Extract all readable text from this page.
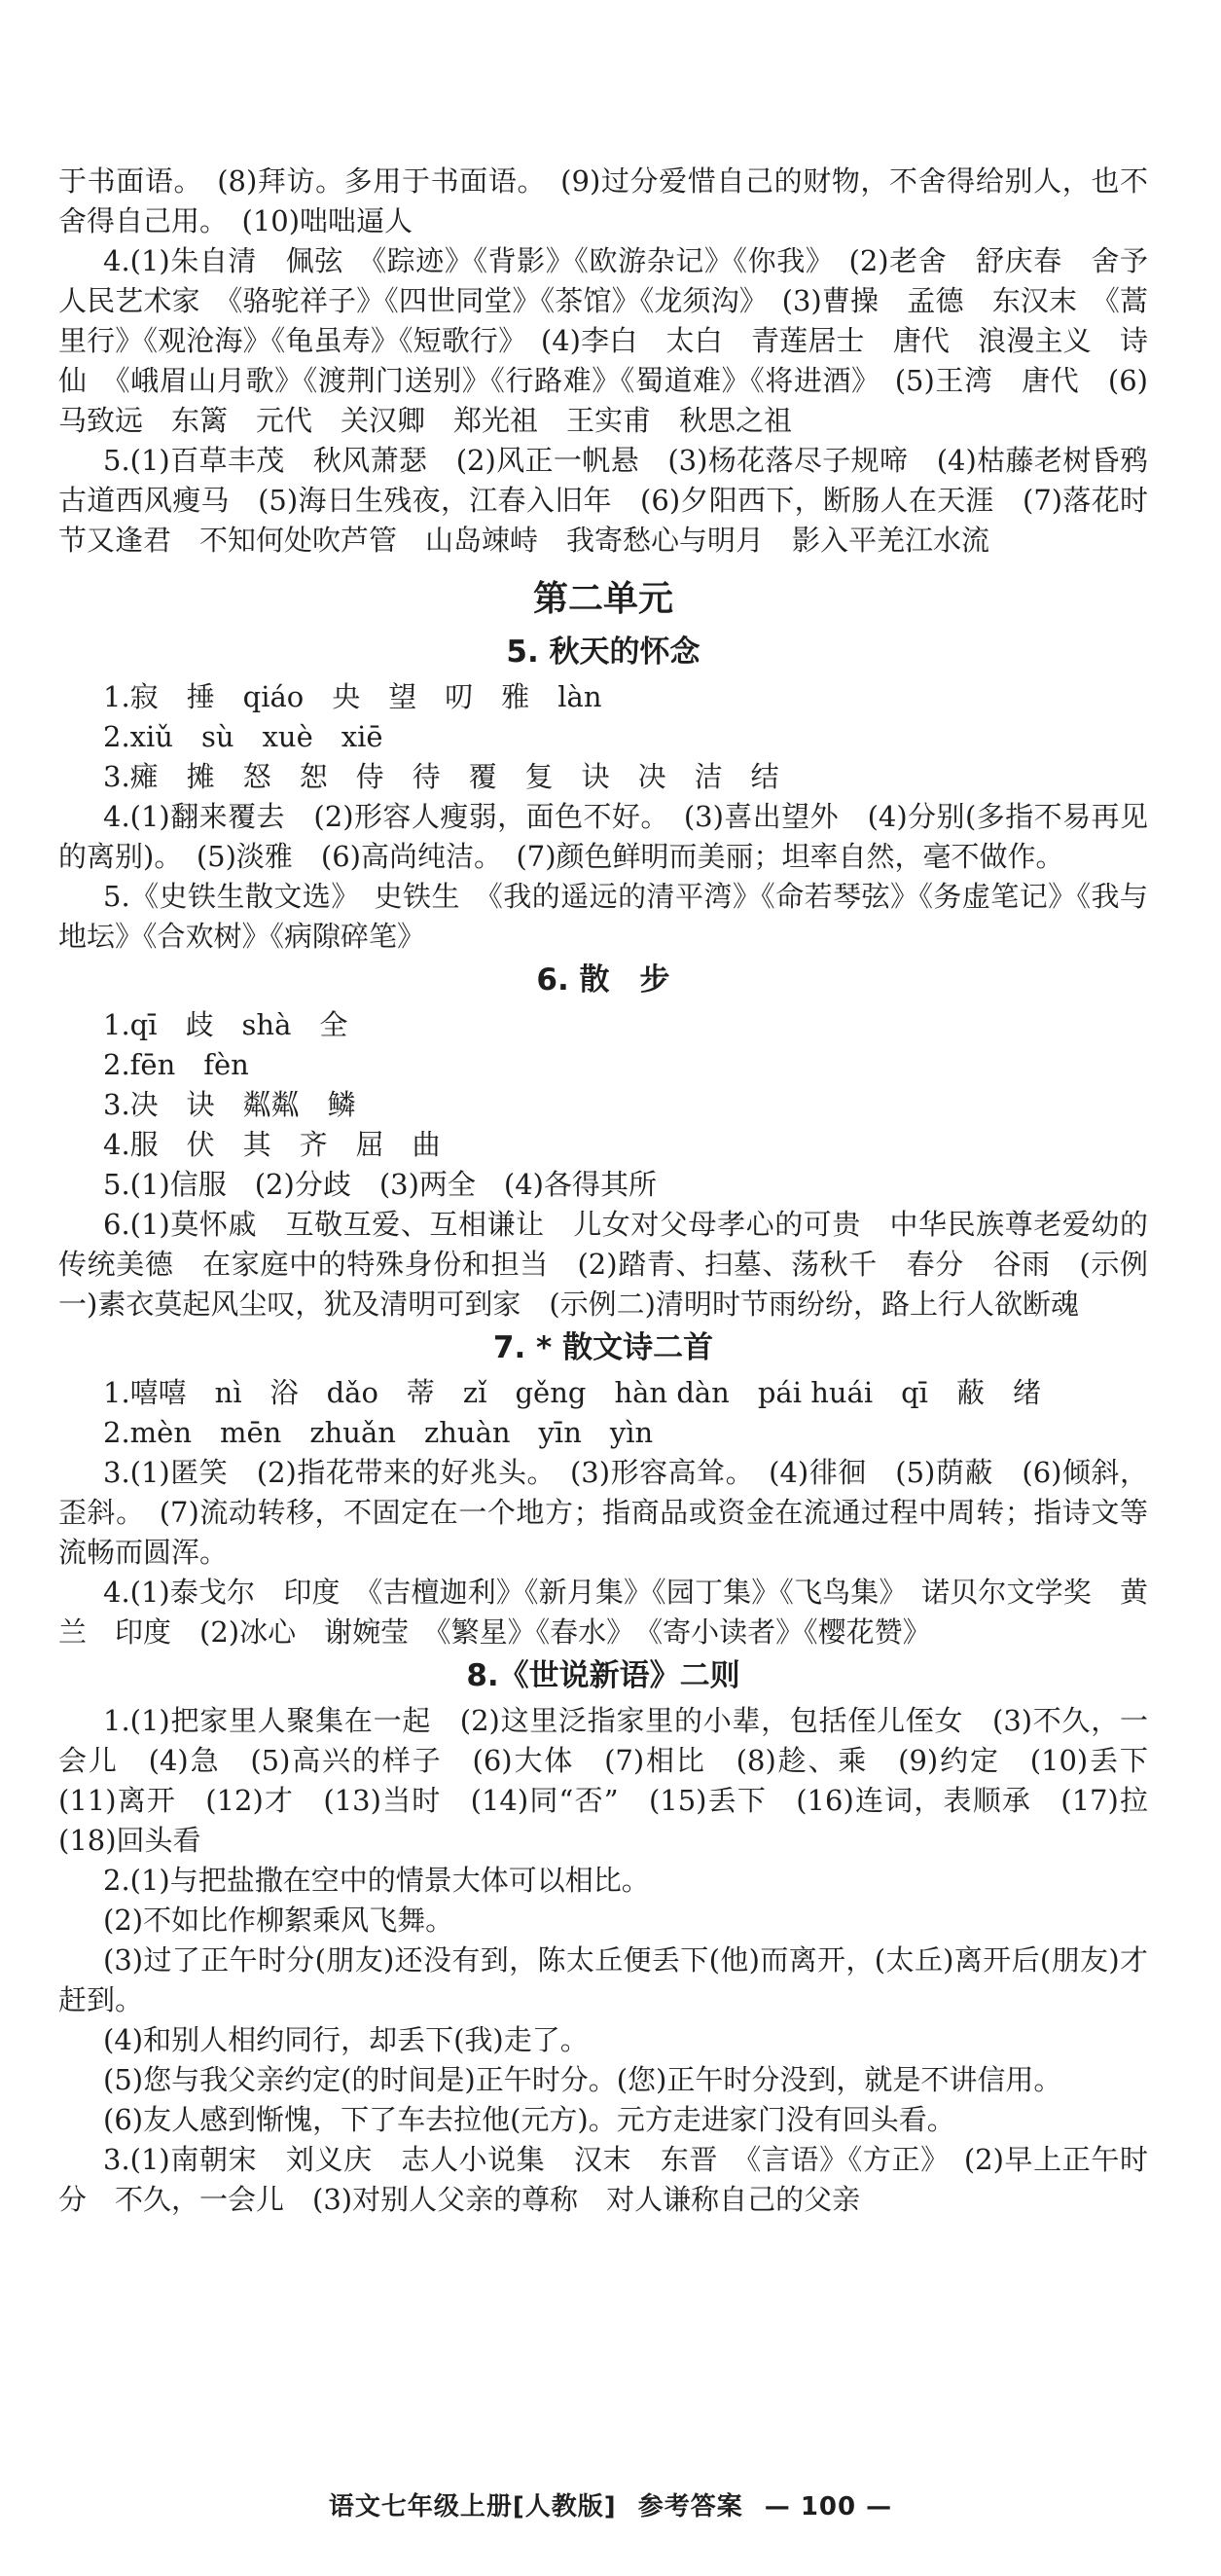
于书面语。　(8)拜访。多用于书面语。　(9)过分爱惜自己的财物，不舍得给别人，也不舍得自己用。　(10)咄咄逼人

4.(1)朱自清　佩弦　《踪迹》《背影》《欧游杂记》《你我》　(2)老舍　舒庆春　舍予　人民艺术家　《骆驼祥子》《四世同堂》《茶馆》《龙须沟》　(3)曹操　孟德　东汉末　《蒿里行》《观沧海》《龟虽寿》《短歌行》　(4)李白　太白　青莲居士　唐代　浪漫主义　诗仙　《峨眉山月歌》《渡荆门送别》《行路难》《蜀道难》《将进酒》　(5)王湾　唐代　(6)马致远　东篱　元代　关汉卿　郑光祖　王实甫　秋思之祖

5.(1)百草丰茂　秋风萧瑟　(2)风正一帆悬　(3)杨花落尽子规啼　(4)枯藤老树昏鸦　古道西风瘦马　(5)海日生残夜，江春入旧年　(6)夕阳西下，断肠人在天涯　(7)落花时节又逢君　不知何处吹芦管　山岛竦峙　我寄愁心与明月　影入平羌江水流

第二单元
5. 秋天的怀念

1.寂　捶　qiáo　央　望　叨　雅　làn

2.xiǔ　sù　xuè　xiē

3.瘫　摊　怒　恕　侍　待　覆　复　诀　决　洁　结

4.(1)翻来覆去　(2)形容人瘦弱，面色不好。　(3)喜出望外　(4)分别(多指不易再见的离别)。　(5)淡雅　(6)高尚纯洁。　(7)颜色鲜明而美丽；坦率自然，毫不做作。

5.《史铁生散文选》　史铁生　《我的遥远的清平湾》《命若琴弦》《务虚笔记》《我与地坛》《合欢树》《病隙碎笔》

6. 散　步

1.qī　歧　shà　全

2.fēn　fèn

3.决　诀　粼粼　鳞

4.服　伏　其　齐　屈　曲

5.(1)信服　(2)分歧　(3)两全　(4)各得其所

6.(1)莫怀戚　互敬互爱、互相谦让　儿女对父母孝心的可贵　中华民族尊老爱幼的传统美德　在家庭中的特殊身份和担当　(2)踏青、扫墓、荡秋千　春分　谷雨　(示例一)素衣莫起风尘叹，犹及清明可到家　(示例二)清明时节雨纷纷，路上行人欲断魂

7. * 散文诗二首

1.嘻嘻　nì　浴　dǎo　蒂　zǐ　gěng　hàn dàn　pái huái　qī　蔽　绪

2.mèn　mēn　zhuǎn　zhuàn　yīn　yìn

3.(1)匿笑　(2)指花带来的好兆头。　(3)形容高耸。　(4)徘徊　(5)荫蔽　(6)倾斜，歪斜。　(7)流动转移，不固定在一个地方；指商品或资金在流通过程中周转；指诗文等流畅而圆浑。

4.(1)泰戈尔　印度　《吉檀迦利》《新月集》《园丁集》《飞鸟集》　诺贝尔文学奖　黄兰　印度　(2)冰心　谢婉莹　《繁星》《春水》　《寄小读者》《樱花赞》

8.《世说新语》二则

1.(1)把家里人聚集在一起　(2)这里泛指家里的小辈，包括侄儿侄女　(3)不久，一会儿　(4)急　(5)高兴的样子　(6)大体　(7)相比　(8)趁、乘　(9)约定　(10)丢下　(11)离开　(12)才　(13)当时　(14)同“否”　(15)丢下　(16)连词，表顺承　(17)拉　(18)回头看

2.(1)与把盐撒在空中的情景大体可以相比。

(2)不如比作柳絮乘风飞舞。

(3)过了正午时分(朋友)还没有到，陈太丘便丢下(他)而离开，(太丘)离开后(朋友)才赶到。

(4)和别人相约同行，却丢下(我)走了。

(5)您与我父亲约定(的时间是)正午时分。(您)正午时分没到，就是不讲信用。

(6)友人感到惭愧，下了车去拉他(元方)。元方走进家门没有回头看。

3.(1)南朝宋　刘义庆　志人小说集　汉末　东晋　《言语》《方正》　(2)早上正午时分　不久，一会儿　(3)对别人父亲的尊称　对人谦称自己的父亲

语文七年级上册[人教版] 参考答案 — 100 —
